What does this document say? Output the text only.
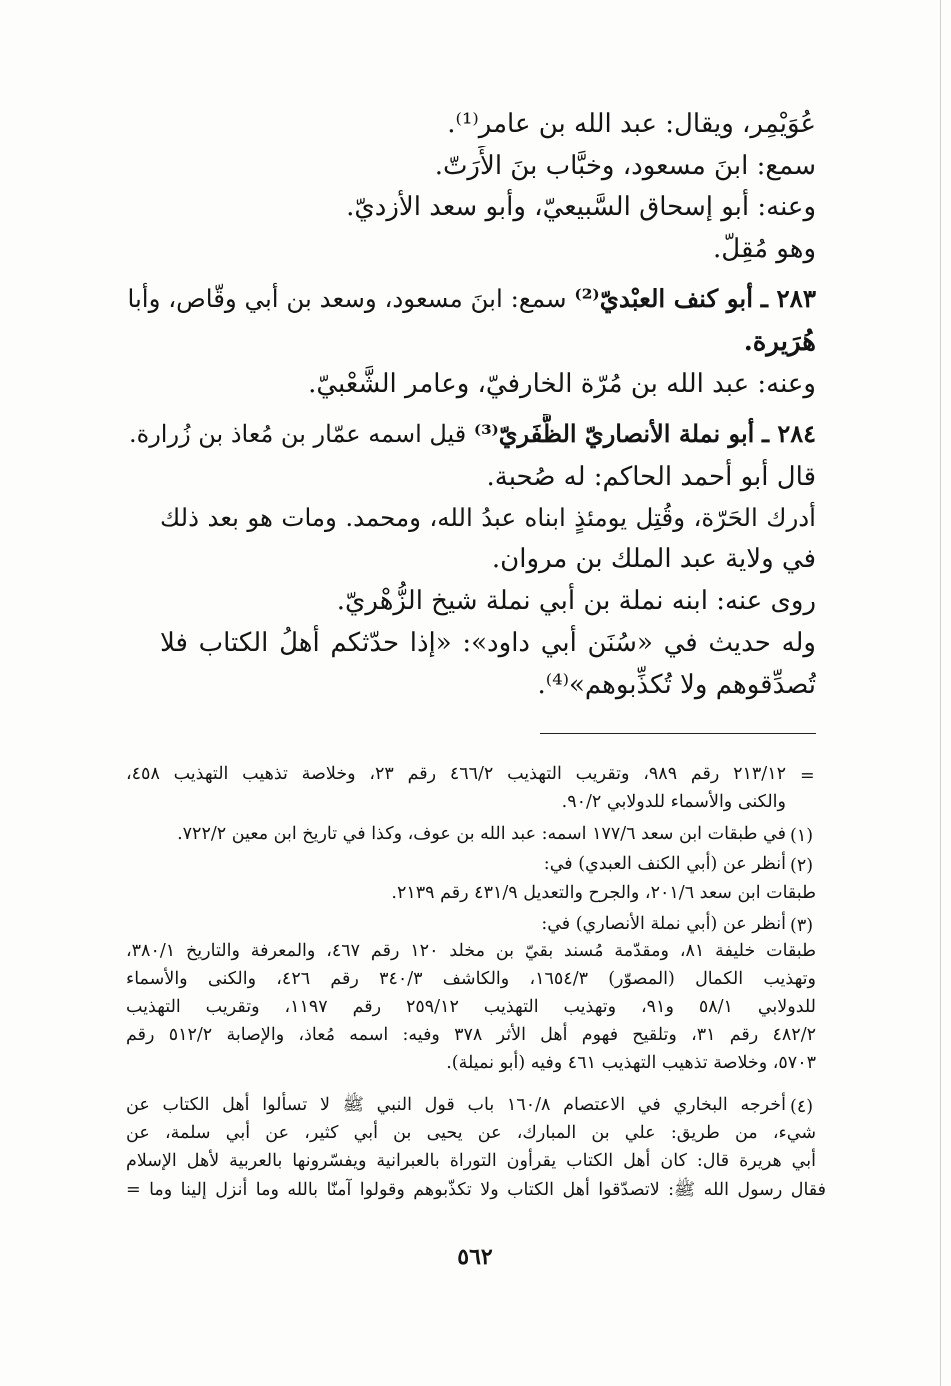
عُوَيْمِر، ويقال: عبد الله بن عامر⁽¹⁾.
سمع: ابنَ مسعود، وخبَّاب بنَ الأَرَتّ.
وعنه: أبو إسحاق السَّبيعيّ، وأبو سعد الأزديّ.
وهو مُقِلّ.
٢٨٣ ـ أبو كنف العبْديّ⁽²⁾ سمع: ابنَ مسعود، وسعد بن أبي وقّاص، وأبا
هُرَيرة.
وعنه: عبد الله بن مُرّة الخارفيّ، وعامر الشَّعْبيّ.
٢٨٤ ـ أبو نملة الأنصاريّ الظَّفَريّ⁽³⁾ قيل اسمه عمّار بن مُعاذ بن زُرارة.
قال أبو أحمد الحاكم: له صُحبة.
أدرك الحَرّة، وقُتِل يومئذٍ ابناه عبدُ الله، ومحمد. ومات هو بعد ذلك
في ولاية عبد الملك بن مروان.
روى عنه: ابنه نملة بن أبي نملة شيخ الزُّهْريّ.
وله حديث في «سُنَن أبي داود»: «إذا حدّثكم أهلُ الكتاب فلا
تُصدِّقوهم ولا تُكذِّبوهم»⁽⁴⁾.
=
٢١٣/١٢ رقم ٩٨٩، وتقريب التهذيب ٤٦٦/٢ رقم ٢٣، وخلاصة تذهيب التهذيب ٤٥٨،
والكنى والأسماء للدولابي ٩٠/٢.
(١)
في طبقات ابن سعد ١٧٧/٦ اسمه: عبد الله بن عوف، وكذا في تاريخ ابن معين ٧٢٢/٢.
(٢)
أنظر عن (أبي الكنف العبدي) في:
طبقات ابن سعد ٢٠١/٦، والجرح والتعديل ٤٣١/٩ رقم ٢١٣٩.
(٣)
أنظر عن (أبي نملة الأنصاري) في:
طبقات خليفة ٨١، ومقدّمة مُسند بقيّ بن مخلد ١٢٠ رقم ٤٦٧، والمعرفة والتاريخ ٣٨٠/١،
وتهذيب الكمال (المصوّر) ١٦٥٤/٣، والكاشف ٣٤٠/٣ رقم ٤٢٦، والكنى والأسماء
للدولابي ٥٨/١ و٩١، وتهذيب التهذيب ٢٥٩/١٢ رقم ١١٩٧، وتقريب التهذيب
٤٨٢/٢ رقم ٣١، وتلقيح فهوم أهل الأثر ٣٧٨ وفيه: اسمه مُعاذ، والإصابة ٥١٢/٢ رقم
٥٧٠٣، وخلاصة تذهيب التهذيب ٤٦١ وفيه (أبو نميلة).
(٤)
أخرجه البخاري في الاعتصام ١٦٠/٨ باب قول النبي ﷺ لا تسألوا أهل الكتاب عن
شيء، من طريق: علي بن المبارك، عن يحيى بن أبي كثير، عن أبي سلمة، عن
أبي هريرة قال: كان أهل الكتاب يقرأون التوراة بالعبرانية ويفسّرونها بالعربية لأهل الإسلام
فقال رسول الله ﷺ: لاتصدّقوا أهل الكتاب ولا تكذّبوهم وقولوا آمنّا بالله وما أُنزل إلينا وما =
٥٦٢
